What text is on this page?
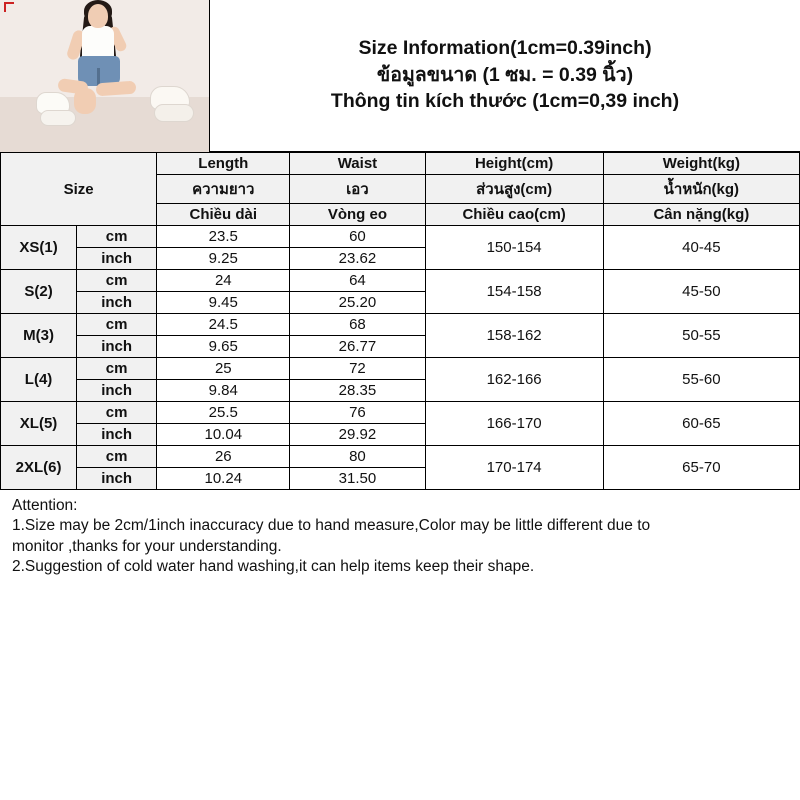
Size Information(1cm=0.39inch)
ข้อมูลขนาด (1 ซม. = 0.39 นิ้ว)
Thông tin kích thước (1cm=0,39 inch)
Size		Length	Waist	Height(cm)	Weight(kg)
		ความยาว	เอว	ส่วนสูง(cm)	น้ำหนัก(kg)
		Chiều dài	Vòng eo	Chiều cao(cm)	Cân nặng(kg)
XS(1)	cm	23.5	60	150-154	40-45
	inch	9.25	23.62		
S(2)	cm	24	64	154-158	45-50
	inch	9.45	25.20		
M(3)	cm	24.5	68	158-162	50-55
	inch	9.65	26.77		
L(4)	cm	25	72	162-166	55-60
	inch	9.84	28.35		
XL(5)	cm	25.5	76	166-170	60-65
	inch	10.04	29.92		
2XL(6)	cm	26	80	170-174	65-70
	inch	10.24	31.50		

Attention:

1.Size may be 2cm/1inch inaccuracy due to hand measure,Color may be little different due to

monitor ,thanks for your understanding.

2.Suggestion of cold water hand washing,it can help items keep their shape.
